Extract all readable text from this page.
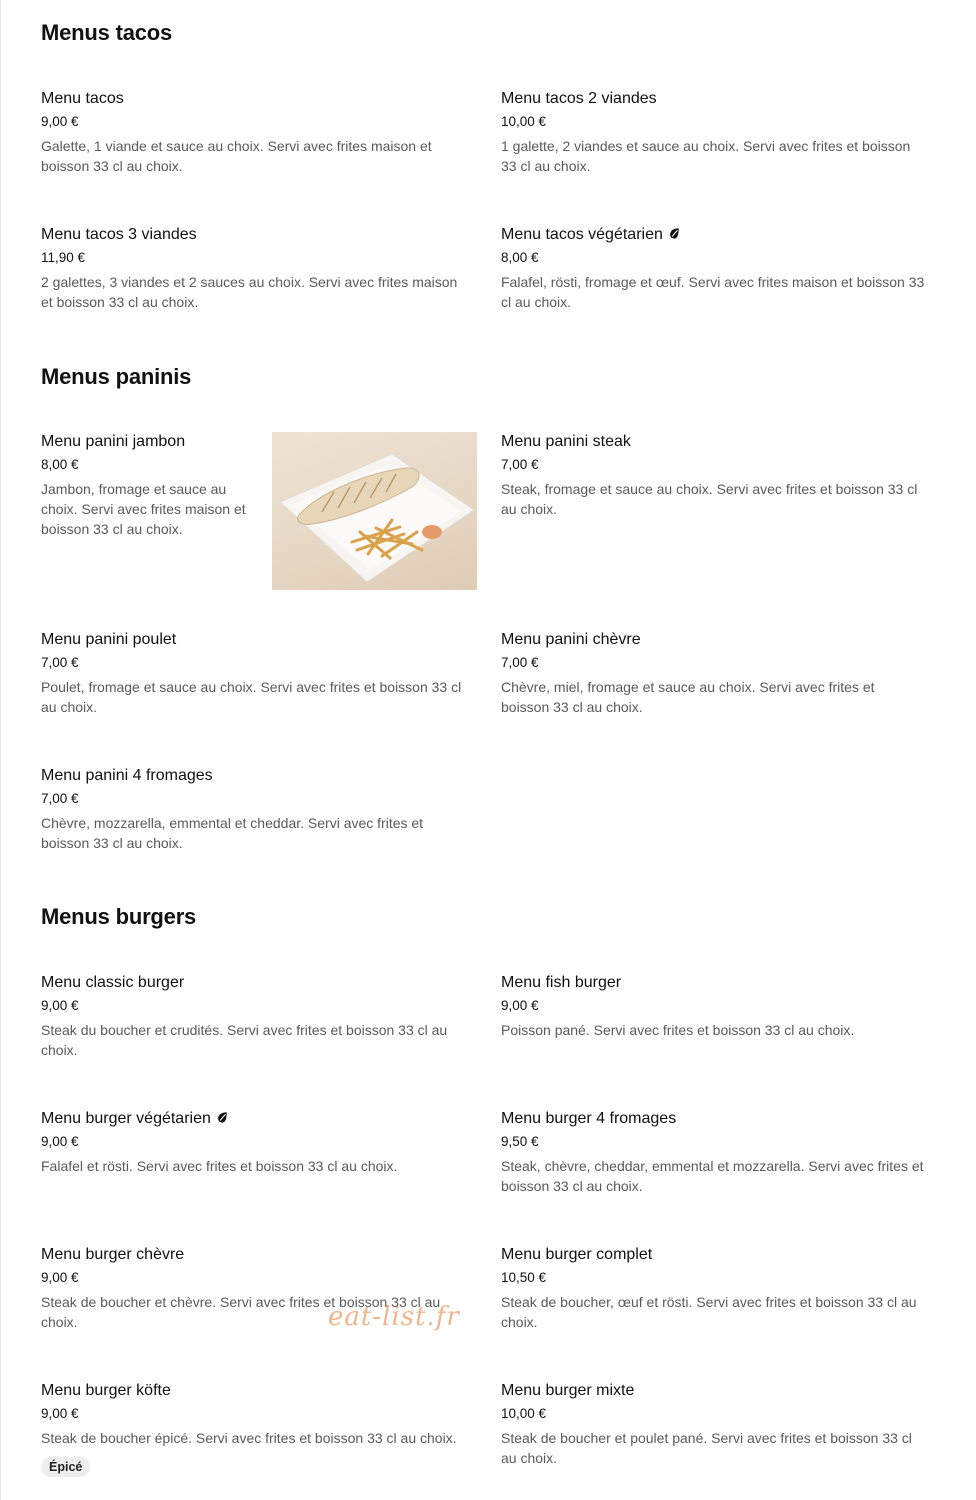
Menus tacos
Menu tacos
9,00 €
Galette, 1 viande et sauce au choix. Servi avec frites maison et boisson 33 cl au choix.
Menu tacos 2 viandes
10,00 €
1 galette, 2 viandes et sauce au choix. Servi avec frites et boisson 33 cl au choix.
Menu tacos 3 viandes
11,90 €
2 galettes, 3 viandes et 2 sauces au choix. Servi avec frites maison et boisson 33 cl au choix.
Menu tacos végétarien
8,00 €
Falafel, rösti, fromage et œuf. Servi avec frites maison et boisson 33 cl au choix.
Menus paninis
Menu panini jambon
8,00 €
Jambon, fromage et sauce au choix. Servi avec frites maison et boisson 33 cl au choix.
Menu panini steak
7,00 €
Steak, fromage et sauce au choix. Servi avec frites et boisson 33 cl au choix.
Menu panini poulet
7,00 €
Poulet, fromage et sauce au choix. Servi avec frites et boisson 33 cl au choix.
Menu panini chèvre
7,00 €
Chèvre, miel, fromage et sauce au choix. Servi avec frites et boisson 33 cl au choix.
Menu panini 4 fromages
7,00 €
Chèvre, mozzarella, emmental et cheddar. Servi avec frites et boisson 33 cl au choix.
Menus burgers
Menu classic burger
9,00 €
Steak du boucher et crudités. Servi avec frites et boisson 33 cl au choix.
Menu fish burger
9,00 €
Poisson pané. Servi avec frites et boisson 33 cl au choix.
Menu burger végétarien
9,00 €
Falafel et rösti. Servi avec frites et boisson 33 cl au choix.
Menu burger 4 fromages
9,50 €
Steak, chèvre, cheddar, emmental et mozzarella. Servi avec frites et boisson 33 cl au choix.
Menu burger chèvre
9,00 €
Steak de boucher et chèvre. Servi avec frites et boisson 33 cl au choix.
Menu burger complet
10,50 €
Steak de boucher, œuf et rösti. Servi avec frites et boisson 33 cl au choix.
Menu burger köfte
9,00 €
Steak de boucher épicé. Servi avec frites et boisson 33 cl au choix.
Épicé
Menu burger mixte
10,00 €
Steak de boucher et poulet pané. Servi avec frites et boisson 33 cl au choix.
eat-list.fr
